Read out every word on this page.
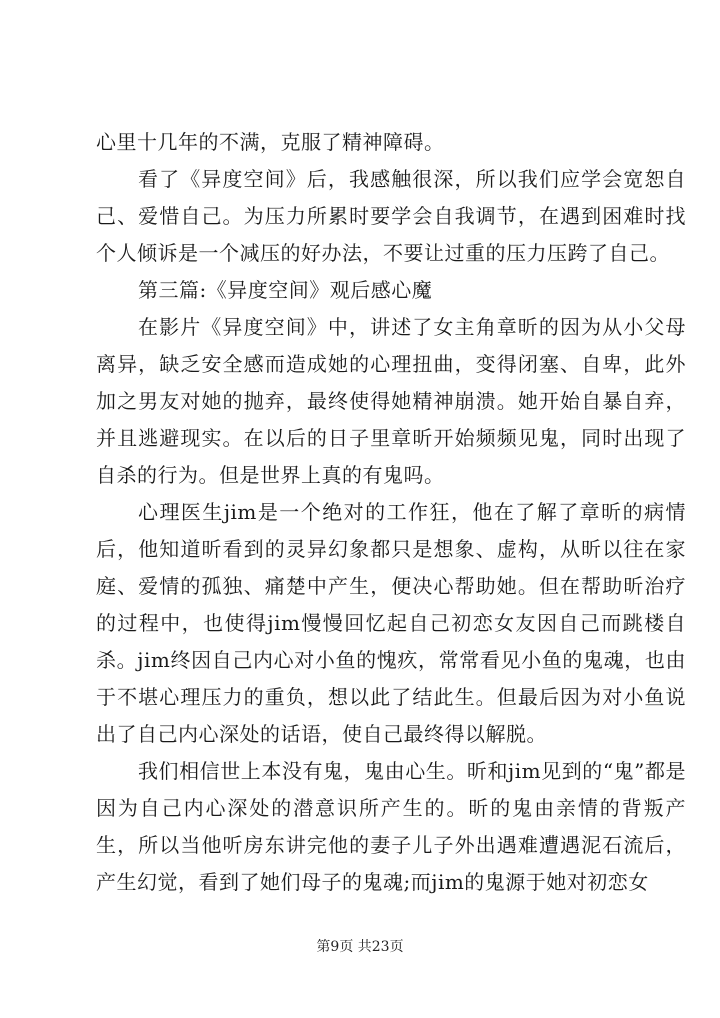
心里十几年的不满，克服了精神障碍。

看了《异度空间》后，我感触很深，所以我们应学会宽恕自己、爱惜自己。为压力所累时要学会自我调节，在遇到困难时找个人倾诉是一个减压的好办法，不要让过重的压力压跨了自己。

第三篇:《异度空间》观后感心魔

在影片《异度空间》中，讲述了女主角章昕的因为从小父母离异，缺乏安全感而造成她的心理扭曲，变得闭塞、自卑，此外加之男友对她的抛弃，最终使得她精神崩溃。她开始自暴自弃，并且逃避现实。在以后的日子里章昕开始频频见鬼，同时出现了自杀的行为。但是世界上真的有鬼吗。

心理医生jim是一个绝对的工作狂，他在了解了章昕的病情后，他知道昕看到的灵异幻象都只是想象、虚构，从昕以往在家庭、爱情的孤独、痛楚中产生，便决心帮助她。但在帮助昕治疗的过程中，也使得jim慢慢回忆起自己初恋女友因自己而跳楼自杀。jim终因自己内心对小鱼的愧疚，常常看见小鱼的鬼魂，也由于不堪心理压力的重负，想以此了结此生。但最后因为对小鱼说出了自己内心深处的话语，使自己最终得以解脱。

我们相信世上本没有鬼，鬼由心生。昕和jim见到的“鬼”都是因为自己内心深处的潜意识所产生的。昕的鬼由亲情的背叛产生，所以当他听房东讲完他的妻子儿子外出遇难遭遇泥石流后，产生幻觉，看到了她们母子的鬼魂;而jim的鬼源于她对初恋女

第9页 共23页
